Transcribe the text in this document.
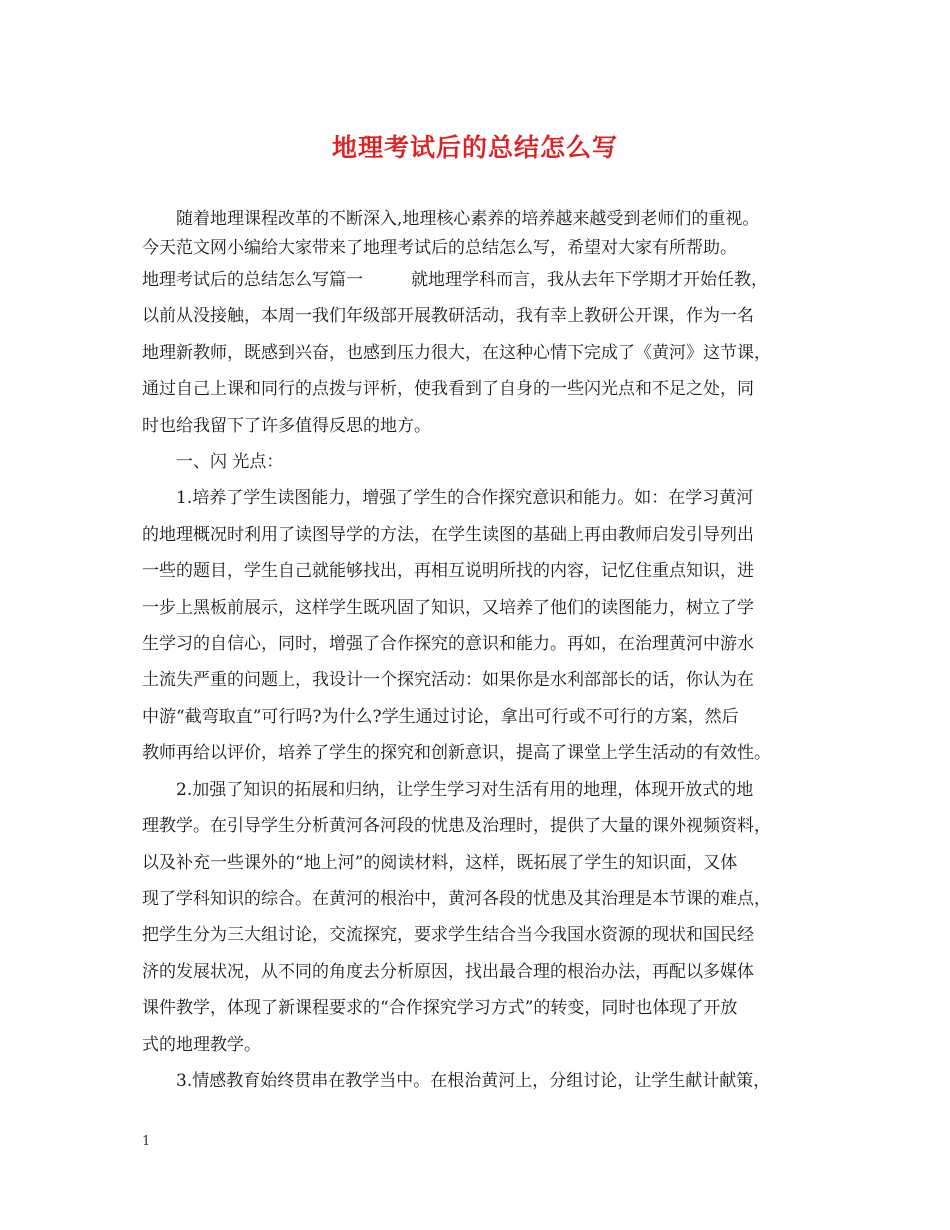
地理考试后的总结怎么写
随着地理课程改革的不断深入,地理核心素养的培养越来越受到老师们的重视。
今天范文网小编给大家带来了地理考试后的总结怎么写，希望对大家有所帮助。

地理考试后的总结怎么写篇一	就地理学科而言，我从去年下学期才开始任教，
以前从没接触，本周一我们年级部开展教研活动，我有幸上教研公开课，作为一名
地理新教师，既感到兴奋，也感到压力很大，在这种心情下完成了《黄河》这节课，
通过自己上课和同行的点拨与评析，使我看到了自身的一些闪光点和不足之处，同
时也给我留下了许多值得反思的地方。

一、闪 光点：

1.培养了学生读图能力，增强了学生的合作探究意识和能力。如：在学习黄河
的地理概况时利用了读图导学的方法，在学生读图的基础上再由教师启发引导列出
一些的题目，学生自己就能够找出，再相互说明所找的内容，记忆住重点知识，进
一步上黑板前展示，这样学生既巩固了知识，又培养了他们的读图能力，树立了学
生学习的自信心，同时，增强了合作探究的意识和能力。再如，在治理黄河中游水
土流失严重的问题上，我设计一个探究活动：如果你是水利部部长的话，你认为在
中游“截弯取直”可行吗?为什么?学生通过讨论，拿出可行或不可行的方案，然后
教师再给以评价，培养了学生的探究和创新意识，提高了课堂上学生活动的有效性。

2.加强了知识的拓展和归纳，让学生学习对生活有用的地理，体现开放式的地
理教学。在引导学生分析黄河各河段的忧患及治理时，提供了大量的课外视频资料，
以及补充一些课外的“地上河”的阅读材料，这样，既拓展了学生的知识面，又体
现了学科知识的综合。在黄河的根治中，黄河各段的忧患及其治理是本节课的难点，
把学生分为三大组讨论，交流探究，要求学生结合当今我国水资源的现状和国民经
济的发展状况，从不同的角度去分析原因，找出最合理的根治办法，再配以多媒体
课件教学，体现了新课程要求的“合作探究学习方式”的转变，同时也体现了开放
式的地理教学。

3.情感教育始终贯串在教学当中。在根治黄河上，分组讨论，让学生献计献策，

1
